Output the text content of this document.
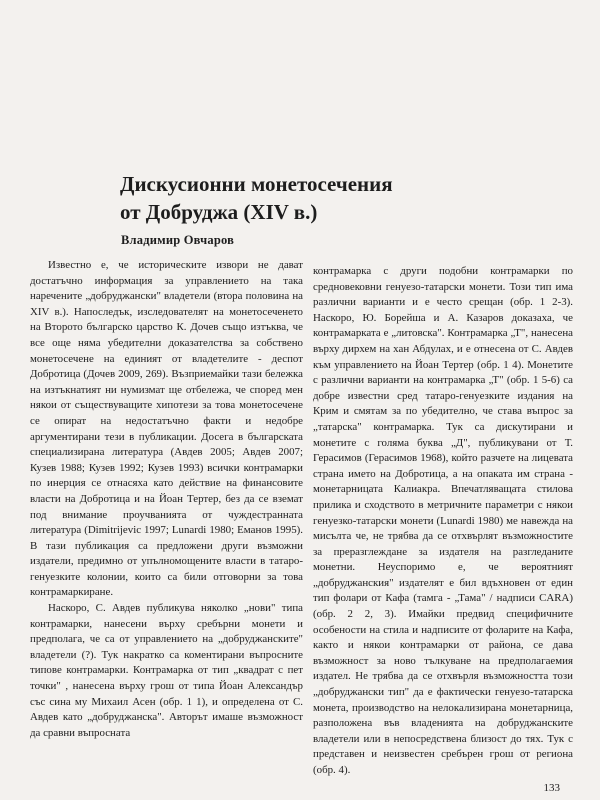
Дискусионни монетосечения
от Добруджа (XIV в.)
Владимир Овчаров

Известно е, че историческите извори не дават достатъчно информация за управлението на така наречените „добруджански" владетели (втора половина на XIV в.). Напоследък, изследователят на монетосеченето на Второто българско царство К. Дочев също изтъква, че все още няма убедителни доказателства за собствено монетосечене на единият от владетелите - деспот Добротица (Дочев 2009, 269). Възприемайки тази бележка на изтъкнатият ни нумизмат ще отбележа, че според мен някои от съществуващите хипотези за това монетосечене се опират на недостатъчно факти и недобре аргументирани тези в публикации. Досега в българската специализирана литература (Авдев 2005; Авдев 2007; Кузев 1988; Кузев 1992; Кузев 1993) всички контрамарки по инерция се отнасяха като действие на финансовите власти на Добротица и на Йоан Тертер, без да се вземат под внимание проучванията от чуждестранната литература (Dimitrijevic 1997; Lunardi 1980; Еманов 1995). В тази публикация са предложени други възможни издатели, предимно от упълномощените власти в татаро-генуезките колонии, които са били отговорни за това контрамаркиране.

Наскоро, С. Авдев публикува няколко „нови" типа контрамарки, нанесени върху сребърни монети и предполага, че са от управлението на „добруджанските" владетели (?). Тук накратко са коментирани въпросните типове контрамарки. Контрамарка от тип „квадрат с пет точки" , нанесена върху грош от типа Йоан Александър със сина му Михаил Асен (обр. 1 1), и определена от С. Авдев като „добруджанска". Авторът имаше възможност да сравни въпросната

контрамарка с други подобни контрамарки по средновековни генуезо-татарски монети. Този тип има различни варианти и е често срещан (обр. 1 2-3). Наскоро, Ю. Борейша и А. Казаров доказаха, че контрамарката е „литовска". Контрамарка „Т", нанесена върху дирхем на хан Абдулах, и е отнесена от С. Авдев към управлението на Йоан Тертер (обр. 1 4). Монетите с различни варианти на контрамарка „Т" (обр. 1 5-6) са добре известни сред татаро-генуезките издания на Крим и смятам за по убедително, че става въпрос за „татарска" контрамарка. Тук са дискутирани и монетите с голяма буква „Д", публикувани от Т. Герасимов (Герасимов 1968), който разчете на лицевата страна името на Добротица, а на опаката им страна - монетарницата Калиакра. Впечатляващата стилова прилика и сходството в метричните параметри с някои генуезко-татарски монети (Lunardi 1980) ме навежда на мисълта че, не трябва да се отхвърлят възможностите за преразглеждане за издателя на разгледаните монетни. Неуспоримо е, че вероятният „добруджанския" издателят е бил вдъхновен от един тип фолари от Кафа (тамга - „Тама" / надписи CARA) (обр. 2 2, 3). Имайки предвид специфичните особености на стила и надписите от фоларите на Кафа, както и някои контрамарки от района, се дава възможност за ново тълкуване на предполагаемия издател. Не трябва да се отхвърля възможността този „добруджански тип" да е фактически генуезо-татарска монета, производство на нелокализирана монетарница, разположена във владенията на добруджанските владетели или в непосредствена близост до тях. Тук с представен и неизвестен сребърен грош от региона (обр. 4).

133
